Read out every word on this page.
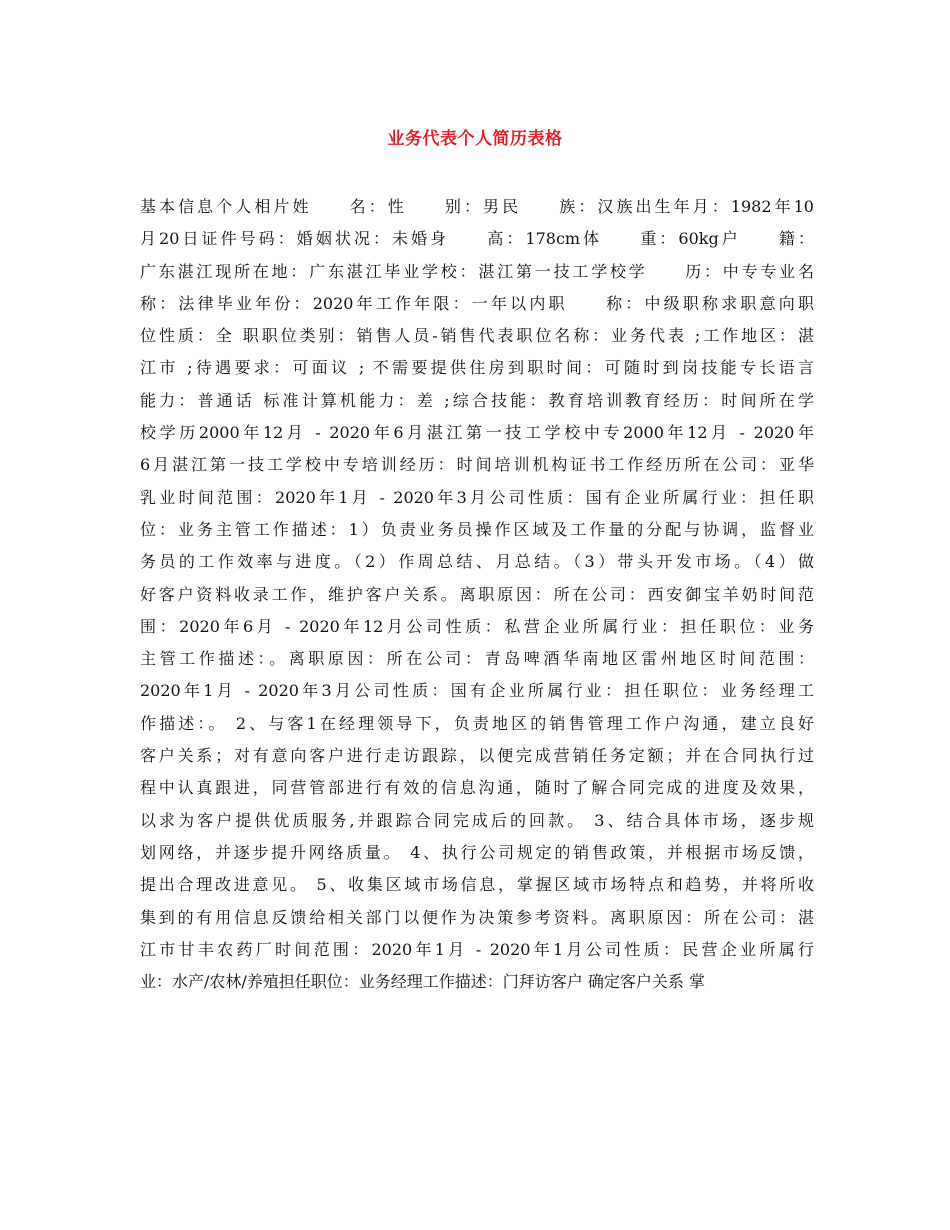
业务代表个人简历表格
基本信息个人相片姓　　名：性　　别：男民　　族：汉族出生年月：1982年10
月20日证件号码：婚姻状况：未婚身　　高：178cm体　　重：60kg户　　籍：
广东湛江现所在地：广东湛江毕业学校：湛江第一技工学校学　　历：中专专业名
称：法律毕业年份：2020年工作年限：一年以内职　　称：中级职称求职意向职
位性质：全 职职位类别：销售人员-销售代表职位名称：业务代表 ;工作地区：湛
江市 ;待遇要求：可面议 ; 不需要提供住房到职时间：可随时到岗技能专长语言
能力：普通话 标准计算机能力：差 ;综合技能：教育培训教育经历：时间所在学
校学历2000年12月 - 2020年6月湛江第一技工学校中专2000年12月 - 2020年
6月湛江第一技工学校中专培训经历：时间培训机构证书工作经历所在公司：亚华
乳业时间范围：2020年1月 - 2020年3月公司性质：国有企业所属行业：担任职
位：业务主管工作描述：1）负责业务员操作区域及工作量的分配与协调，监督业
务员的工作效率与进度。（2）作周总结、月总结。（3）带头开发市场。（4）做
好客户资料收录工作，维护客户关系。离职原因：所在公司：西安御宝羊奶时间范
围：2020年6月 - 2020年12月公司性质：私营企业所属行业：担任职位：业务
主管工作描述：。离职原因：所在公司：青岛啤酒华南地区雷州地区时间范围：
2020年1月 - 2020年3月公司性质：国有企业所属行业：担任职位：业务经理工
作描述：。 2、与客1在经理领导下，负责地区的销售管理工作户沟通，建立良好
客户关系；对有意向客户进行走访跟踪，以便完成营销任务定额；并在合同执行过
程中认真跟进，同营管部进行有效的信息沟通，随时了解合同完成的进度及效果，
以求为客户提供优质服务,并跟踪合同完成后的回款。 3、结合具体市场，逐步规
划网络，并逐步提升网络质量。 4、执行公司规定的销售政策，并根据市场反馈，
提出合理改进意见。 5、收集区域市场信息，掌握区域市场特点和趋势，并将所收
集到的有用信息反馈给相关部门以便作为决策参考资料。离职原因：所在公司：湛
江市甘丰农药厂时间范围：2020年1月 - 2020年1月公司性质：民营企业所属行
业：水产/农林/养殖担任职位：业务经理工作描述：门拜访客户 确定客户关系 掌
